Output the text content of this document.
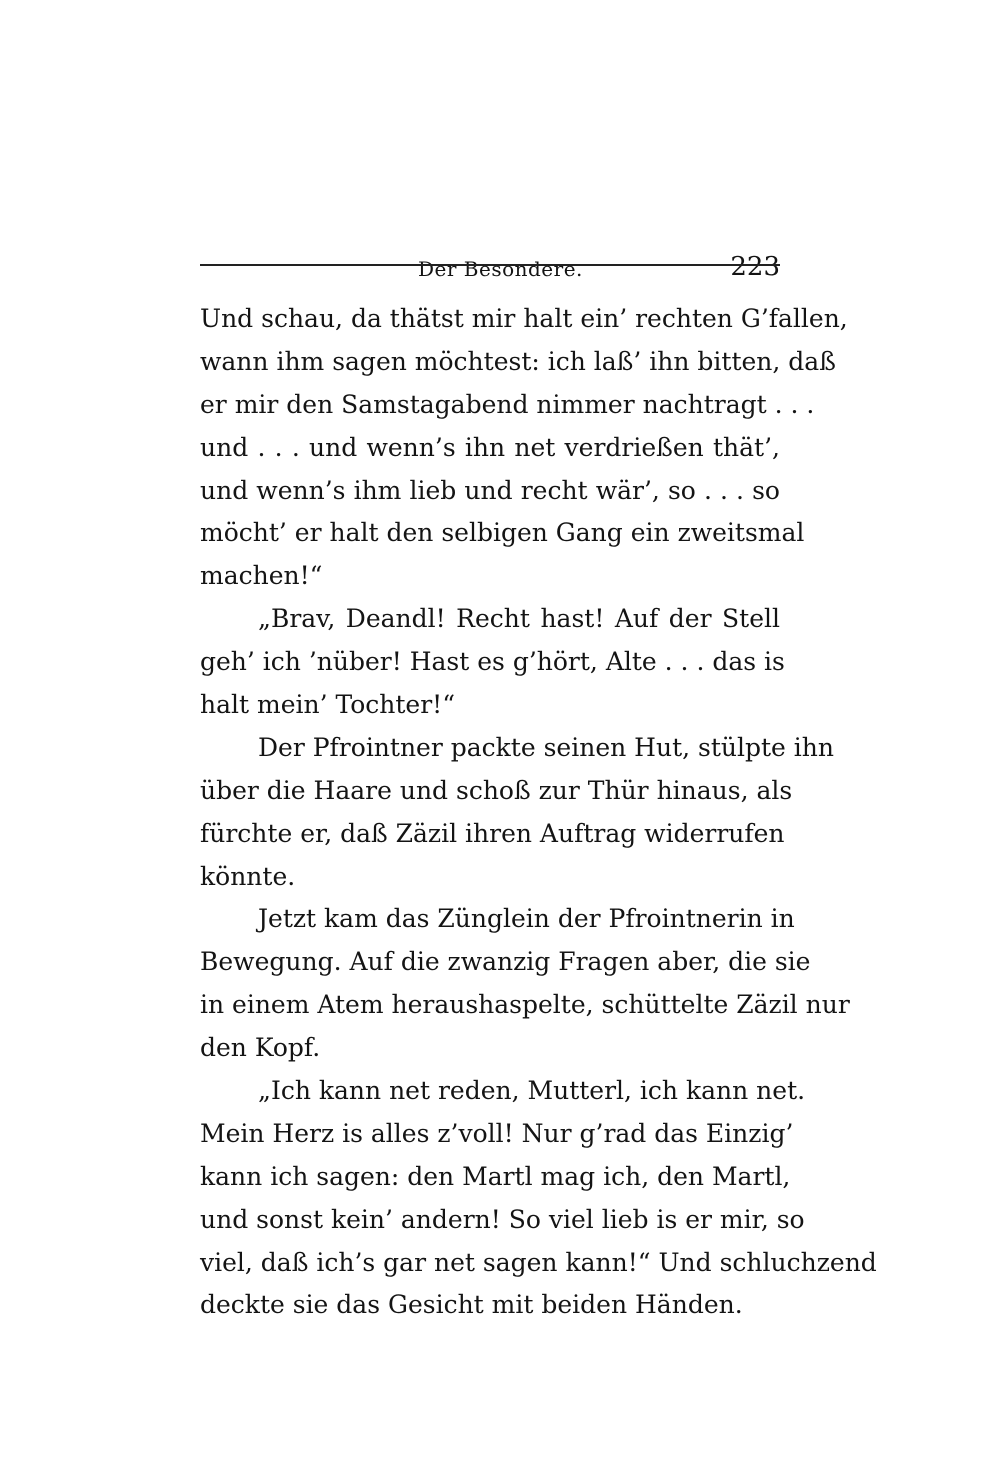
Der Besondere.	223
Und schau, da thätst mir halt ein’ rechten G’fallen,
wann ihm sagen möchtest: ich laß’ ihn bitten, daß
er mir den Samstagabend nimmer nachtragt . . .
und . . . und wenn’s ihn net verdrießen thät’,
und wenn’s ihm lieb und recht wär’, so . . . so
möcht’ er halt den selbigen Gang ein zweitsmal
machen!“
„Brav, Deandl! Recht hast! Auf der Stell
geh’ ich ’nüber! Hast es g’hört, Alte . . . das is
halt mein’ Tochter!“
Der Pfrointner packte seinen Hut, stülpte ihn
über die Haare und schoß zur Thür hinaus, als
fürchte er, daß Zäzil ihren Auftrag widerrufen
könnte.
Jetzt kam das Zünglein der Pfrointnerin in
Bewegung. Auf die zwanzig Fragen aber, die sie
in einem Atem heraushaspelte, schüttelte Zäzil nur
den Kopf.
„Ich kann net reden, Mutterl, ich kann net.
Mein Herz is alles z’voll! Nur g’rad das Einzig’
kann ich sagen: den Martl mag ich, den Martl,
und sonst kein’ andern! So viel lieb is er mir, so
viel, daß ich’s gar net sagen kann!“ Und schluchzend
deckte sie das Gesicht mit beiden Händen.
